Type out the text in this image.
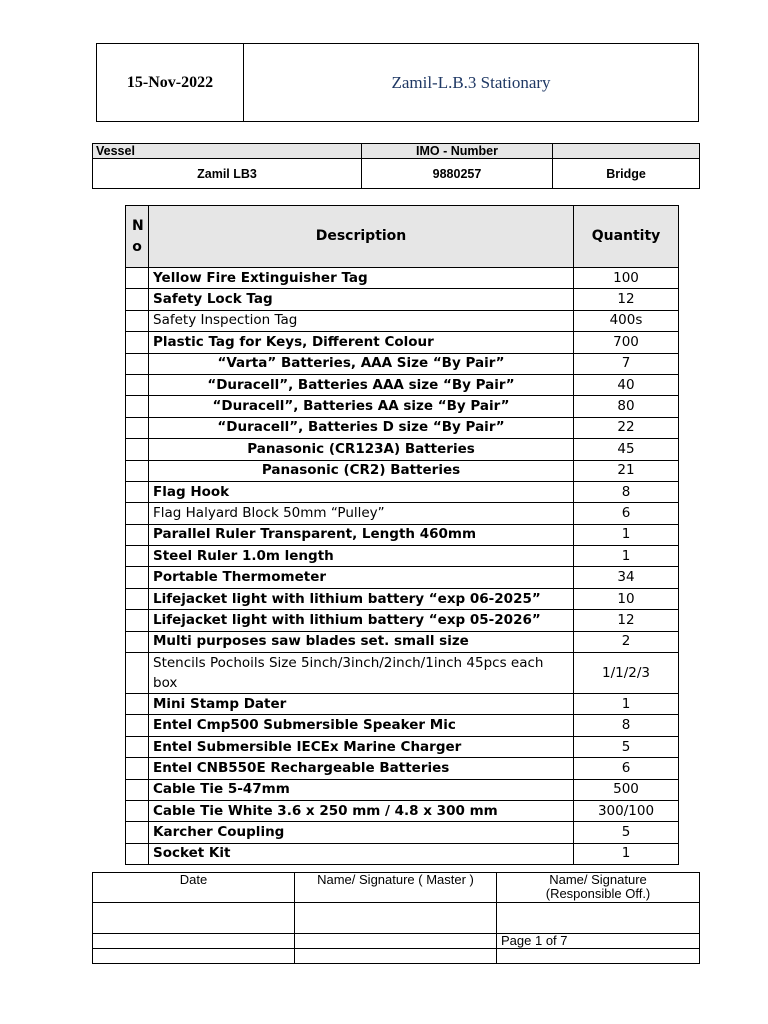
15-Nov-2022	Zamil-L.B.3 Stationary
Vessel	IMO - Number	
Zamil LB3	9880257	Bridge
No	Description	Quantity
	Yellow Fire Extinguisher Tag	100
	Safety Lock Tag	12
	Safety Inspection Tag	400s
	Plastic Tag for Keys, Different Colour	700
	“Varta” Batteries, AAA Size “By Pair”	7
	“Duracell”, Batteries AAA size “By Pair”	40
	“Duracell”, Batteries AA size “By Pair”	80
	“Duracell”, Batteries D size “By Pair”	22
	Panasonic (CR123A) Batteries	45
	Panasonic (CR2) Batteries	21
	Flag Hook	8
	Flag Halyard Block 50mm “Pulley”	6
	Parallel Ruler Transparent, Length 460mm	1
	Steel Ruler 1.0m length	1
	Portable Thermometer	34
	Lifejacket light with lithium battery “exp 06-2025”	10
	Lifejacket light with lithium battery “exp 05-2026”	12
	Multi purposes saw blades set. small size	2
	Stencils Pochoils Size 5inch/3inch/2inch/1inch 45pcs each box	1/1/2/3
	Mini Stamp Dater	1
	Entel Cmp500 Submersible Speaker Mic	8
	Entel Submersible IECEx Marine Charger	5
	Entel CNB550E Rechargeable Batteries	6
	Cable Tie 5-47mm	500
	Cable Tie White 3.6 x 250 mm / 4.8 x 300 mm	300/100
	Karcher Coupling	5
	Socket Kit	1
Date	Name/ Signature ( Master )	Name/ Signature
(Responsible Off.)

		Page 1 of 7
